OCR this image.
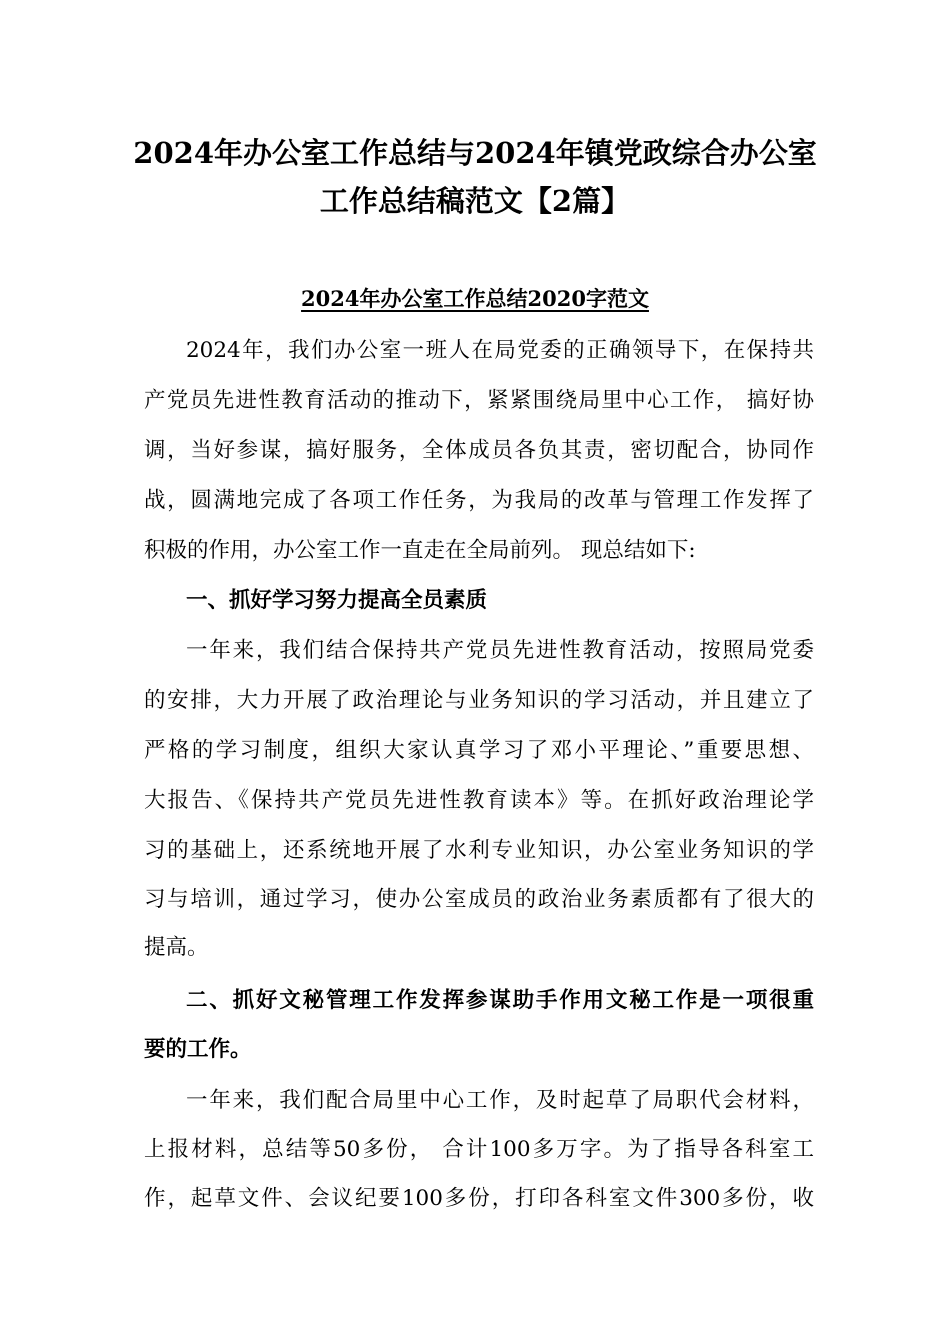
2024年办公室工作总结与2024年镇党政综合办公室
工作总结稿范文【2篇】
2024年办公室工作总结2020字范文
2024年，我们办公室一班人在局党委的正确领导下，在保持共
产党员先进性教育活动的推动下，紧紧围绕局里中心工作， 搞好协
调，当好参谋，搞好服务，全体成员各负其责，密切配合，协同作
战，圆满地完成了各项工作任务，为我局的改革与管理工作发挥了
积极的作用，办公室工作一直走在全局前列。 现总结如下:
一、抓好学习努力提高全员素质
一年来，我们结合保持共产党员先进性教育活动，按照局党委
的安排，大力开展了政治理论与业务知识的学习活动，并且建立了
严格的学习制度，组织大家认真学习了邓小平理论、”重要思想、
大报告、《保持共产党员先进性教育读本》等。在抓好政治理论学
习的基础上，还系统地开展了水利专业知识，办公室业务知识的学
习与培训，通过学习，使办公室成员的政治业务素质都有了很大的
提高。
二、抓好文秘管理工作发挥参谋助手作用文秘工作是一项很重
要的工作。
一年来，我们配合局里中心工作，及时起草了局职代会材料，
上报材料，总结等50多份， 合计100多万字。为了指导各科室工
作，起草文件、会议纪要100多份，打印各科室文件300多份，收
